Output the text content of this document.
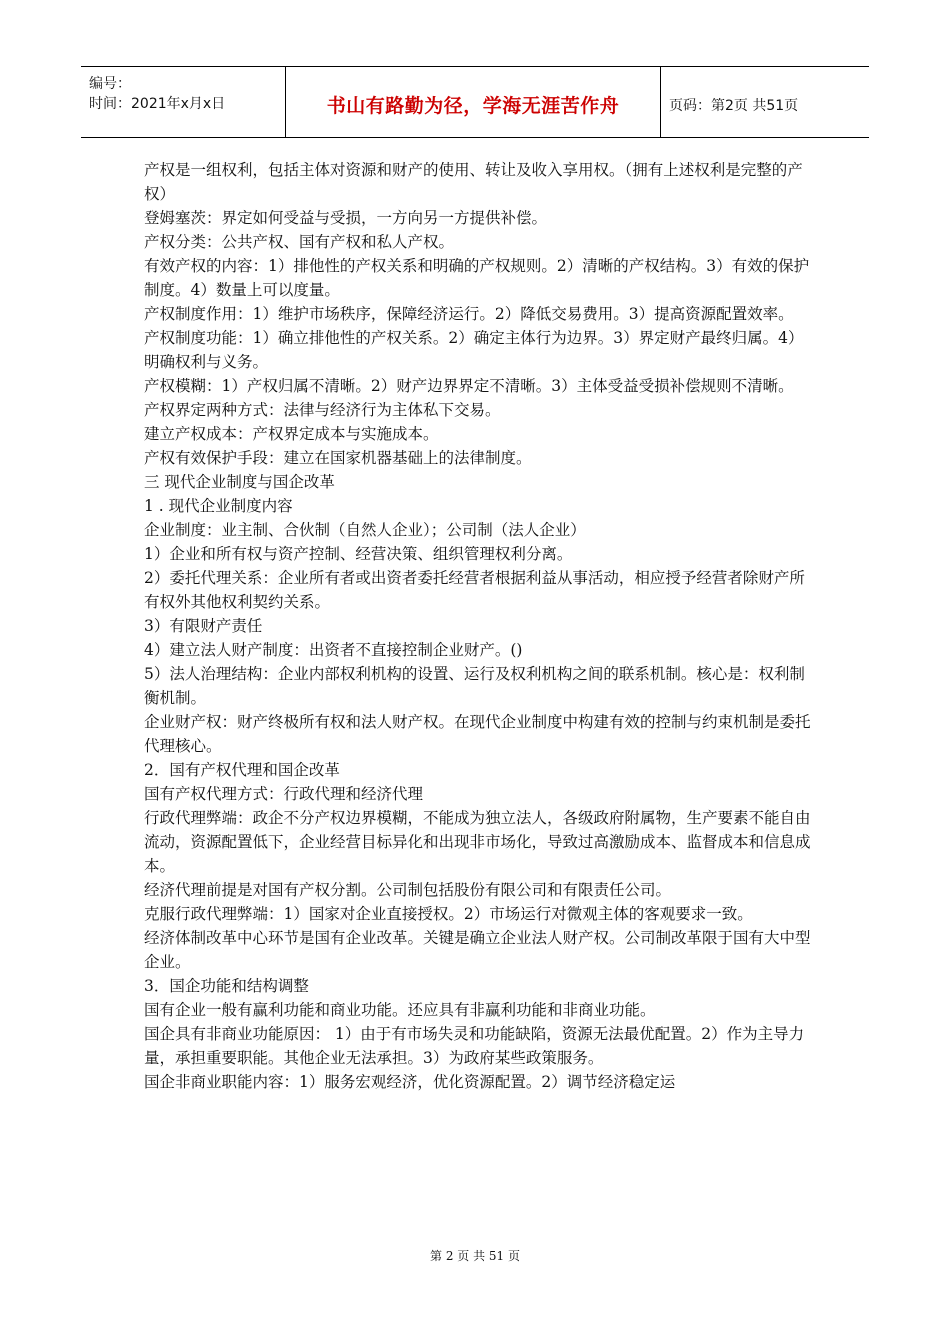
编号：
时间：2021年x月x日	书山有路勤为径，学海无涯苦作舟	页码：第2页 共51页

产权是一组权利，包括主体对资源和财产的使用、转让及收入享用权。（拥有上述权利是完整的产权）

登姆塞茨：界定如何受益与受损，一方向另一方提供补偿。

产权分类：公共产权、国有产权和私人产权。

有效产权的内容：1）排他性的产权关系和明确的产权规则。2）清晰的产权结构。3）有效的保护制度。4）数量上可以度量。

产权制度作用：1）维护市场秩序，保障经济运行。2）降低交易费用。3）提高资源配置效率。

产权制度功能：1）确立排他性的产权关系。2）确定主体行为边界。3）界定财产最终归属。4）明确权利与义务。

产权模糊：1）产权归属不清晰。2）财产边界界定不清晰。3）主体受益受损补偿规则不清晰。

产权界定两种方式：法律与经济行为主体私下交易。

建立产权成本：产权界定成本与实施成本。

产权有效保护手段：建立在国家机器基础上的法律制度。

三 现代企业制度与国企改革

1 . 现代企业制度内容

企业制度：业主制、合伙制（自然人企业）；公司制（法人企业）

1）企业和所有权与资产控制、经营决策、组织管理权利分离。

2）委托代理关系：企业所有者或出资者委托经营者根据利益从事活动，相应授予经营者除财产所有权外其他权利契约关系。

3）有限财产责任

4）建立法人财产制度：出资者不直接控制企业财产。()

5）法人治理结构：企业内部权利机构的设置、运行及权利机构之间的联系机制。核心是：权利制衡机制。

企业财产权：财产终极所有权和法人财产权。在现代企业制度中构建有效的控制与约束机制是委托代理核心。

2．国有产权代理和国企改革

国有产权代理方式：行政代理和经济代理

行政代理弊端：政企不分产权边界模糊，不能成为独立法人，各级政府附属物，生产要素不能自由流动，资源配置低下，企业经营目标异化和出现非市场化，导致过高激励成本、监督成本和信息成本。

经济代理前提是对国有产权分割。公司制包括股份有限公司和有限责任公司。

克服行政代理弊端：1）国家对企业直接授权。2）市场运行对微观主体的客观要求一致。

经济体制改革中心环节是国有企业改革。关键是确立企业法人财产权。公司制改革限于国有大中型企业。

3．国企功能和结构调整

国有企业一般有赢利功能和商业功能。还应具有非赢利功能和非商业功能。

国企具有非商业功能原因： 1）由于有市场失灵和功能缺陷，资源无法最优配置。2）作为主导力量，承担重要职能。其他企业无法承担。3）为政府某些政策服务。

国企非商业职能内容：1）服务宏观经济，优化资源配置。2）调节经济稳定运

第 2 页 共 51 页
